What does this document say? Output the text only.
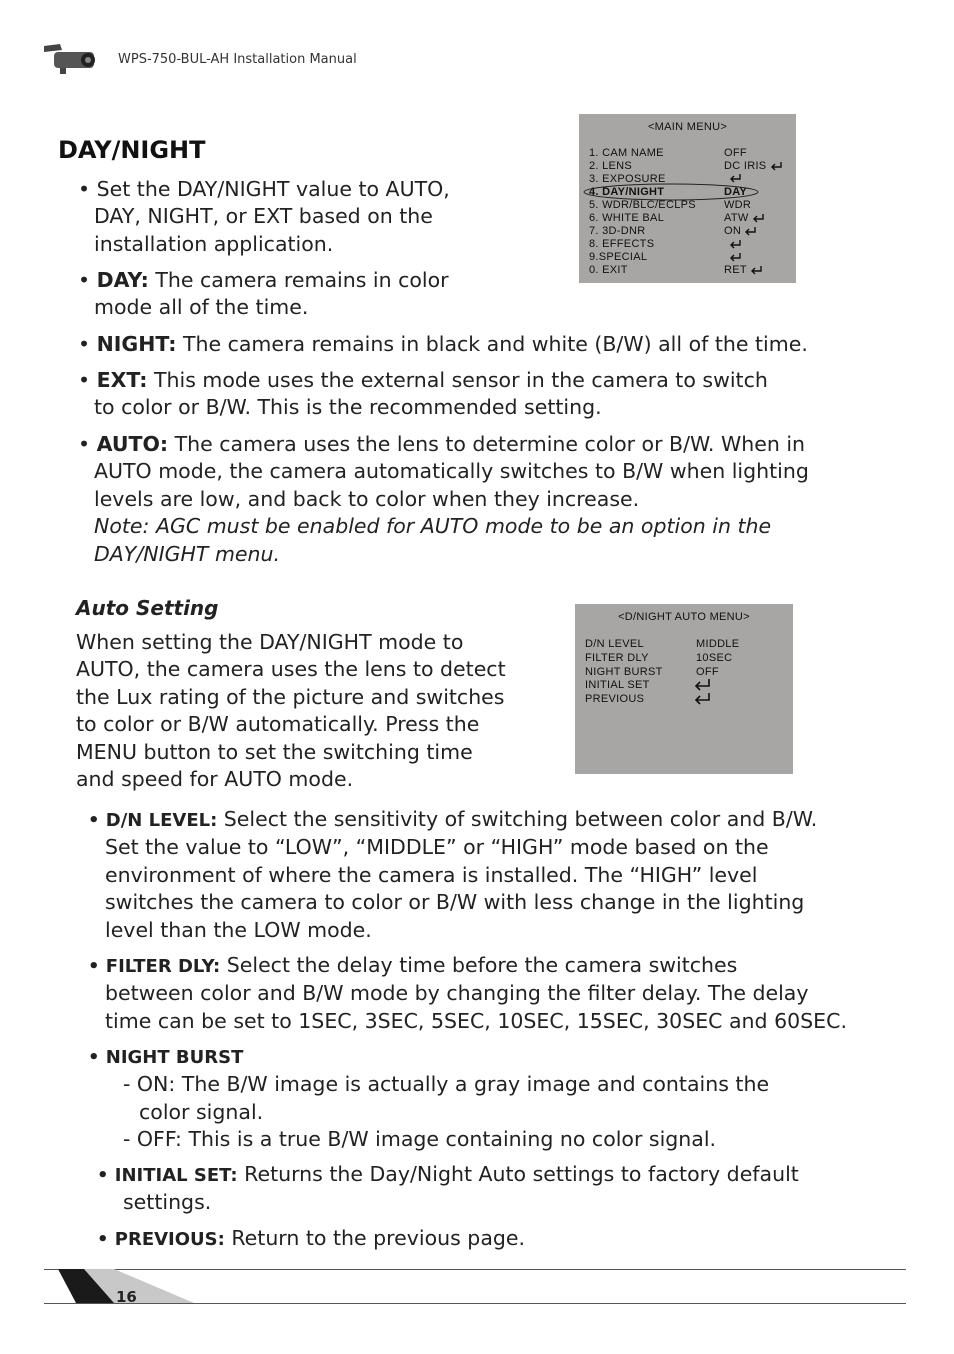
WPS-750-BUL-AH Installation Manual
DAY/NIGHT
• Set the DAY/NIGHT value to AUTO,
DAY, NIGHT, or EXT based on the
installation application.
• DAY: The camera remains in color
mode all of the time.
• NIGHT: The camera remains in black and white (B/W) all of the time.
• EXT: This mode uses the external sensor in the camera to switch
to color or B/W. This is the recommended setting.
• AUTO: The camera uses the lens to determine color or B/W. When in
AUTO mode, the camera automatically switches to B/W when lighting
levels are low, and back to color when they increase.
Note: AGC must be enabled for AUTO mode to be an option in the
DAY/NIGHT menu.
<MAIN MENU>
1. CAM NAME	OFF
2. LENS	DC IRIS
3. EXPOSURE
4. DAY/NIGHT	DAY
5. WDR/BLC/ECLPS	WDR
6. WHITE BAL	ATW
7. 3D-DNR	ON
8. EFFECTS
9.SPECIAL
0. EXIT	RET
Auto Setting
When setting the DAY/NIGHT mode to
AUTO, the camera uses the lens to detect
the Lux rating of the picture and switches
to color or B/W automatically. Press the
MENU button to set the switching time
and speed for AUTO mode.
<D/NIGHT AUTO MENU>
D/N LEVEL	MIDDLE
FILTER DLY	10SEC
NIGHT BURST	OFF
INITIAL SET
PREVIOUS
• D/N LEVEL: Select the sensitivity of switching between color and B/W.
Set the value to “LOW”, “MIDDLE” or “HIGH” mode based on the
environment of where the camera is installed. The “HIGH” level
switches the camera to color or B/W with less change in the lighting
level than the LOW mode.
• FILTER DLY: Select the delay time before the camera switches
between color and B/W mode by changing the filter delay. The delay
time can be set to 1SEC, 3SEC, 5SEC, 10SEC, 15SEC, 30SEC and 60SEC.
• NIGHT BURST
- ON: The B/W image is actually a gray image and contains the
color signal.
- OFF: This is a true B/W image containing no color signal.
• INITIAL SET: Returns the Day/Night Auto settings to factory default
settings.
• PREVIOUS: Return to the previous page.
16
